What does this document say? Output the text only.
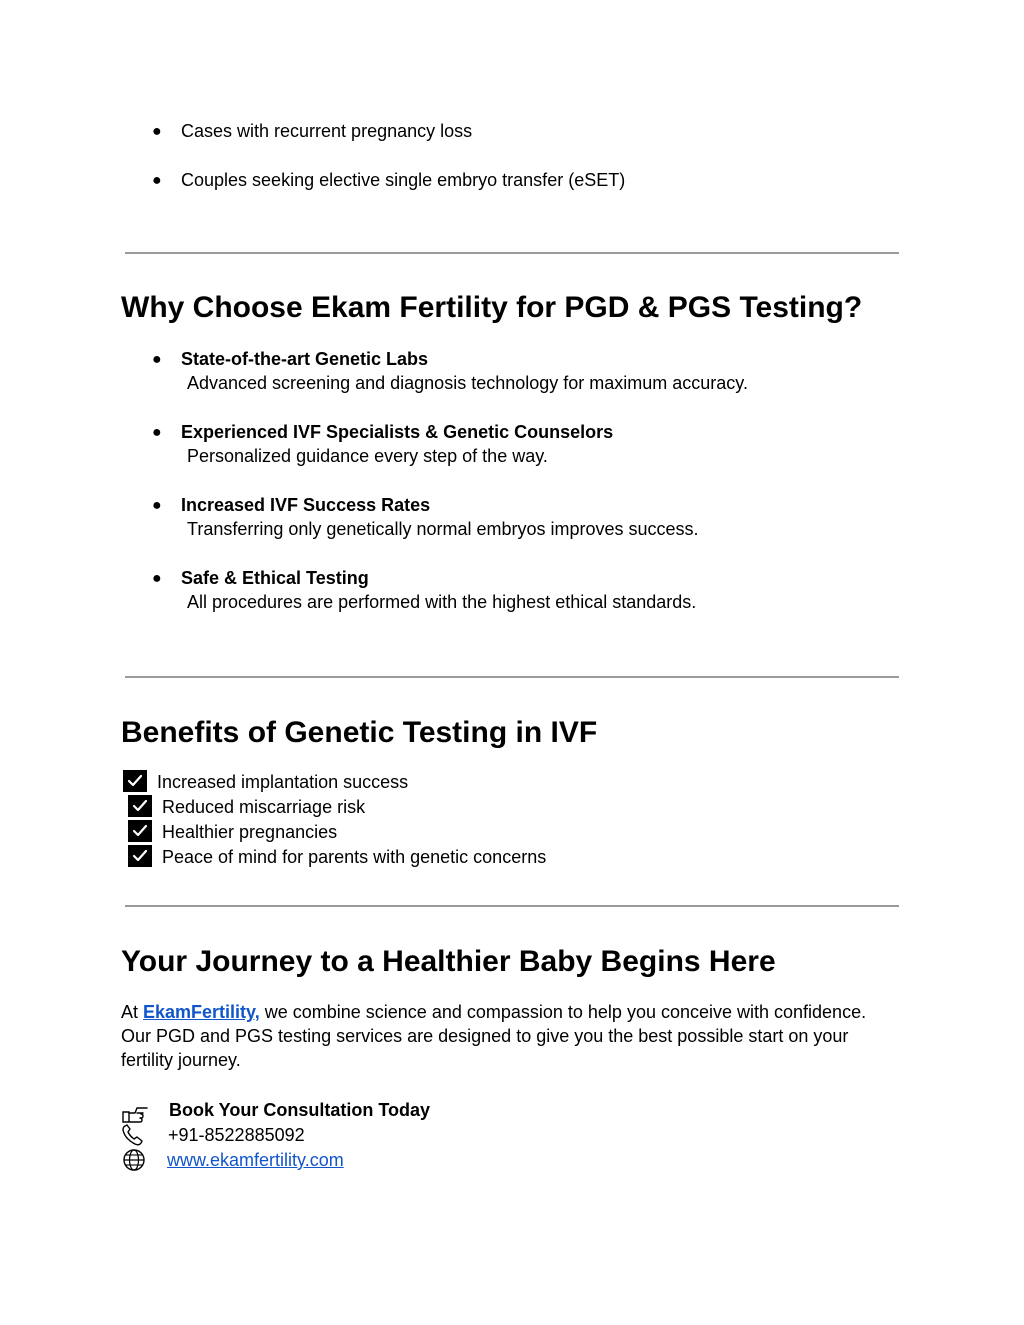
● Cases with recurrent pregnancy loss
● Couples seeking elective single embryo transfer (eSET)
Why Choose Ekam Fertility for PGD & PGS Testing?
● State-of-the-art Genetic Labs
Advanced screening and diagnosis technology for maximum accuracy.
● Experienced IVF Specialists & Genetic Counselors
Personalized guidance every step of the way.
● Increased IVF Success Rates
Transferring only genetically normal embryos improves success.
● Safe & Ethical Testing
All procedures are performed with the highest ethical standards.
Benefits of Genetic Testing in IVF
Increased implantation success
Reduced miscarriage risk
Healthier pregnancies
Peace of mind for parents with genetic concerns
Your Journey to a Healthier Baby Begins Here
At EkamFertility, we combine science and compassion to help you conceive with confidence.
Our PGD and PGS testing services are designed to give you the best possible start on your
fertility journey.
Book Your Consultation Today
+91-8522885092
www.ekamfertility.com
